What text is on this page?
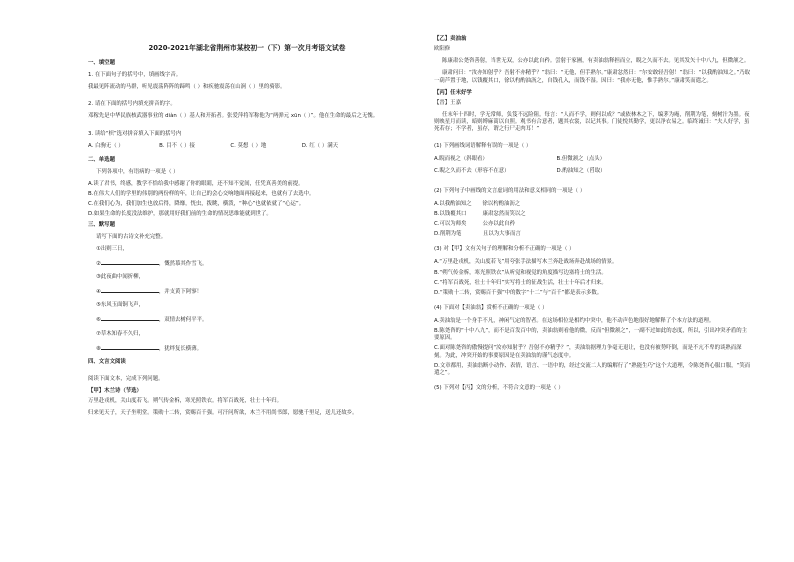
2020-2021年湖北省荆州市某校初一（下）第一次月考语文试卷
一、填空题
1. 在下面句子的括号中，填画线字音。
我最见阵流动的马群，听见震荡阵阵的蹄鸣（ ）和疾驰震荡在山涧（ ）里的骑影。
2. 请在下面的括号内填充拼音的字。
邓稼先是中华民族核武器事业的 diàn（ ）基人和开拓者。张爱萍将军称他为“两弹元 xūn（ ）”。他在生命的最后之无愧。
3. 读给“枳”选对拼音填入下面的括号内
A. 白驹无（ ）	B. 目不（ ）接	C. 莫想（ ）地	D. 红（ ）满天
二、单选题
下列各项中，有语病的一项是（ ）
A.读了君书，终感，教学不恰给我中感谢了你的眼睛，还不知不觉间，任凭真善美的前提。
B.在伟大人们的学里的伟别的两份样的年，让自己的会心交响地面再接起来，也就有了去选中。
C.在我们心为，我们加生也放后得，降靡，恍虫，拨眺，横泼，“种心”也就依就了“心运”。
D.如果生命的长度没法维护，那就用好我们前的生命的情况思维能就到世了。
三、默写题
请写下面的古诗文补充完整。
①出则三日，
②	，慨然慕其作雪飞。
③此夜曲中闻折柳，
④	，并支黄下阿寥！
⑤东风玉面铜飞声，
⑥	，双情去树何平平。
⑦草木知春不久归，
⑧	，犹绊复长横薄。
四、文言文阅读
阅读下面文本，完成下列问题。
【甲】木兰诗（节选）
万里赴戎机，关山度若飞。朔气传金柝，寒光照铁衣。将军百战死，壮士十年归。
归来见天子，天子坐明堂。策勋十二转，赏赐百千强。可汗问所欲，木兰不用尚书郎，愿驰千里足，送儿还故乡。
【乙】卖油翁
欧阳修
陈康肃公尧咨善射，当世无双，公亦以此自矜。尝射于家圃，有卖油翁释担而立，睨之久而不去。见其发矢十中八九，但微颔之。
康肃问曰：“汝亦知射乎？吾射不亦精乎？”翁曰：“无他，但手熟尔。”康肃忿然曰：“尔安敢轻吾射！”翁曰：“以我酌油知之。”乃取一葫芦置于地，以钱覆其口，徐以杓酌油沥之，自钱孔入，而钱不湿。因曰：“我亦无他，惟手熟尔。”康肃笑而遣之。
【丙】任末好学
【晋】王嘉
任末年十四时，学无常师，负笈不远险阻。每言：“人而不学，则何以成？”或依林木之下，编茅为庵，削荆为笔，刻树汁为墨。夜则映星月而读，暗则缚麻蒿以自照。观书有合意者，题其衣裳，以记其事。门徒悦其勤学，更以净衣易之。临终诫曰：“夫人好学，虽死若存；不学者，虽存，谓之行尸走肉耳！”
(1) 下列画线词语解释有误的一项是（ ）
A.睨而视之（斜眼看）	B.但微颔之（点头）
C.睨之久而不去（形容不在意）	D.酌油知之（舀取）
(2) 下列句子中画线的文言虚词的用法和意义相同的一项是（ ）
A.以我酌油知之　　徐以杓酌油沥之
B.以钱覆其口　　　康肃忿然而笑以之
C.可以为师矣　　　公亦以此自矜
D.削荆为笔　　　　且以为大事而言
(3) 对【甲】文有关句子的理解和分析不正确的一项是（ ）
A.“万里赴戎机，关山度若飞”用夸张手法描写木兰奔赴战场奔赴战场的情景。
B.“朔气传金柝，寒光照铁衣”从听觉和视觉的角度描写边塞将士的生活。
C.“将军百战死，壮士十年归”实写将士的征战生活，壮士十年后才归来。
D.“策勋十二转，赏赐百千强”中的数字“十二”与“百千”都是表示多数。
(4) 下面对【卖油翁】赏析不正确的一项是（ ）
A.卖油翁是一个身手不凡，神闲气定的智者。在这场相位是相约中突中，他不动声色地很好地解释了个本方法的道理。
B.陈尧咨的“十中八九”，而不是百发百中的，卖油翁则看他的微，反而“但微颔之”，一副不过如此的态度，所以，引出冲突矛盾的主要原因。
C.面对陈尧咨的傲慢提问“汝亦知射乎？吾射不亦精乎？”，卖油翁据理力争毫无退让，也没有被势吓倒，而是不亢不卑的谈熟而深刻。为此，冲突开始的事要原因是在卖油翁的谨气态度中。
D.文章都用，卖油翁断小动作、表情，语言、一语中的，经过交流二人的编解行了“熟能生巧”这个大道理，令陈尧咨心服口服，“笑而遣之”。
(5) 下列对【丙】文的分析，不符合文意的一项是（ ）
